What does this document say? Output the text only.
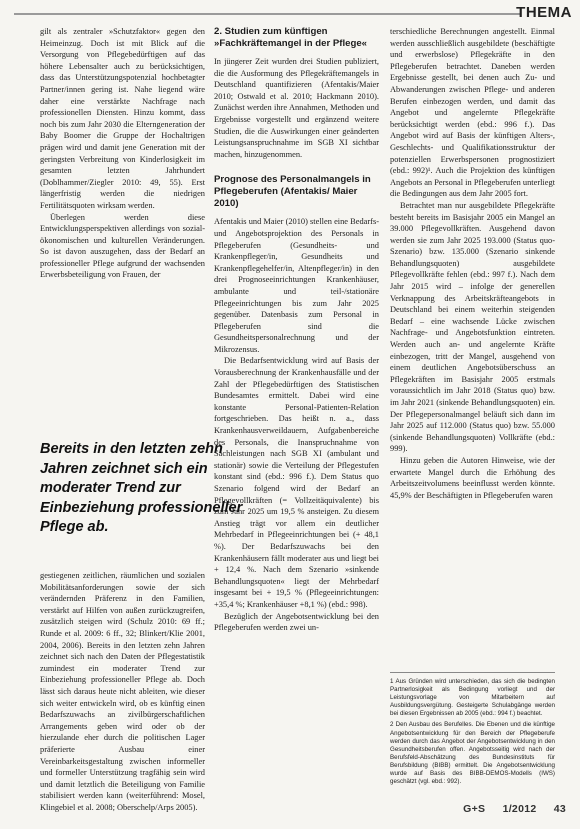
THEMA

gilt als zentraler »Schutzfaktor« gegen den Heimeinzug. Doch ist mit Blick auf die Versorgung von Pflegebedürftigen auf das höhere Lebensalter auch zu berücksichtigen, dass das Unterstützungspotenzial hochbetagter Partner/innen gering ist. Nahe liegend wäre daher eine verstärkte Nachfrage nach professionellen Diensten. Hinzu kommt, dass noch bis zum Jahr 2030 die Elterngeneration der Baby Boomer die Gruppe der Hochaltrigen prägen wird und damit jene Generation mit der geringsten Verbreitung von Kinderlosigkeit im gesamten letzten Jahrhundert (Doblhammer/Ziegler 2010: 49, 55). Erst längerfristig werden die niedrigen Fertilitätsquoten wirksam werden.

Überlegen werden diese Entwicklungsperspektiven allerdings von sozial-ökonomischen und kulturellen Veränderungen. So ist davon auszugehen, dass der Bedarf an professioneller Pflege aufgrund der wachsenden Erwerbsbeteiligung von Frauen, der

Bereits in den letzten zehn Jahren zeichnet sich ein moderater Trend zur Einbeziehung professioneller Pflege ab.

gestiegenen zeitlichen, räumlichen und sozialen Mobilitätsanforderungen sowie der sich verändernden Präferenz in den Familien, verstärkt auf Hilfen von außen zurückzugreifen, zusätzlich steigen wird (Schulz 2010: 69 ff.; Runde et al. 2009: 6 ff., 32; Blinkert/Klie 2001, 2004, 2006). Bereits in den letzten zehn Jahren zeichnet sich nach den Daten der Pflegestatistik zumindest ein moderater Trend zur Einbeziehung professioneller Pflege ab. Doch lässt sich daraus heute nicht ableiten, wie dieser sich weiter entwickeln wird, ob es künftig einen Bedarfszuwachs an zivilbürgerschaftlichen Arrangements geben wird oder ob der hierzulande eher durch die politischen Lager präferierte Ausbau einer Vereinbarkeitsgestaltung zwischen informeller und formeller Unterstützung tragfähig sein wird und damit letztlich die Beteiligung von Familie stabilisiert werden kann (weiterführend: Mosel, Klingebiel et al. 2008; Oberschelp/Arps 2005).

2. Studien zum künftigen »Fachkräftemangel in der Pflege«

In jüngerer Zeit wurden drei Studien publiziert, die die Ausformung des Pflegekräftemangels in Deutschland quantifizieren (Afentakis/Maier 2010; Ostwald et al. 2010; Hackmann 2010). Zunächst werden ihre Annahmen, Methoden und Ergebnisse vorgestellt und ergänzend weitere Studien, die die Auswirkungen einer geänderten Leistungsanspruchnahme im SGB XI sichtbar machen, hinzugenommen.

Prognose des Personalmangels in Pflegeberufen (Afentakis/ Maier 2010)

Afentakis und Maier (2010) stellen eine Bedarfs- und Angebotsprojektion des Personals in Pflegeberufen (Gesundheits- und Krankenpfleger/in, Gesundheits und Krankenpflegehelfer/in, Altenpfleger/in) in den drei Prognoseeinrichtungen Krankenhäuser, ambulante und teil-/stationäre Pflegeeinrichtungen bis zum Jahr 2025 gegenüber. Datenbasis zum Personal in Pflegeberufen sind die Gesundheitspersonalrechnung und der Mikrozensus.

Die Bedarfsentwicklung wird auf Basis der Vorausberechnung der Krankenhausfälle und der Zahl der Pflegebedürftigen des Statistischen Bundesamtes ermittelt. Dabei wird eine konstante Personal-Patienten-Relation fortgeschrieben. Das heißt n. a., dass Krankenhausverweildauern, Aufgabenbereiche des Personals, die Inanspruchnahme von Sachleistungen nach SGB XI (ambulant und stationär) sowie die Verteilung der Pflegestufen konstant sind (ebd.: 996 f.). Dem Status quo Szenario folgend wird der Bedarf an Pflegevollkräften (= Vollzeitäquivalente) bis zum Jahr 2025 um 19,5 % ansteigen. Zu diesem Anstieg trägt vor allem ein deutlicher Mehrbedarf in Pflegeeinrichtungen bei (+ 48,1 %). Der Bedarfszuwachs bei den Krankenhäusern fällt moderater aus und liegt bei + 12,4 %. Nach dem Szenario »sinkende Behandlungsquoten« liegt der Mehrbedarf insgesamt bei + 19,5 % (Pflegeeinrichtungen: +35,4 %; Krankenhäuser +8,1 %) (ebd.: 998).

Bezüglich der Angebotsentwicklung bei den Pflegeberufen werden zwei un-

terschiedliche Berechnungen angestellt. Einmal werden ausschließlich ausgebildete (beschäftigte und erwerbslose) Pflegekräfte in den Pflegeberufen betrachtet. Daneben werden Ergebnisse gestellt, bei denen auch Zu- und Abwanderungen zwischen Pflege- und anderen Berufen einbezogen werden, und damit das Angebot und angelernte Pflegekräfte berücksichtigt werden (ebd.: 996 f.). Das Angebot wird auf Basis der künftigen Alters-, Geschlechts- und Qualifikationsstruktur der potenziellen Erwerbspersonen prognostiziert (ebd.: 992)¹. Auch die Projektion des künftigen Angebots an Personal in Pflegeberufen unterliegt die Bedingungen aus dem Jahr 2005 fort.

Betrachtet man nur ausgebildete Pflegekräfte besteht bereits im Basisjahr 2005 ein Mangel an 39.000 Pflegevollkräften. Ausgehend davon werden sie zum Jahr 2025 193.000 (Status quo-Szenario) bzw. 135.000 (Szenario sinkende Behandlungsquoten) ausgebildete Pflegevollkräfte fehlen (ebd.: 997 f.). Nach dem Jahr 2015 wird – infolge der generellen Verknappung des Arbeitskräfteangebots in Deutschland bei einem weiterhin steigenden Bedarf – eine wachsende Lücke zwischen Nachfrage- und Angebotsfunktion eintreten. Werden auch an- und angelernte Kräfte einbezogen, tritt der Mangel, ausgehend von einem deutlichen Angebotsüberschuss an Pflegekräften im Basisjahr 2005 erstmals voraussichtlich im Jahr 2018 (Status quo) bzw. im Jahr 2021 (sinkende Behandlungsquoten) ein. Der Pflegepersonalmangel beläuft sich dann im Jahr 2025 auf 112.000 (Status quo) bzw. 55.000 (sinkende Behandlungsquoten) Vollkräfte (ebd.: 999).

Hinzu geben die Autoren Hinweise, wie der erwartete Mangel durch die Erhöhung des Arbeitszeitvolumens beeinflusst werden könnte. 45,9% der Beschäftigten in Pflegeberufen waren

1 Aus Gründen wird unterschieden, das sich die bedingten Partnerlosigkeit als Bedingung vorliegt und der Leistungsvorlage von Mitarbeitern auf Ausbildungsvergütung. Gesteigerte Schulabgänge werden bei diesen Ergebnissen ab 2005 (ebd.: 994 f.) beachtet.

2 Den Ausbau des Berufelles. Die Ebenen und die künftige Angebotsentwicklung für den Bereich der Pflegeberufe werden durch das Angebot der Angebotsentwicklung in den Gesundheitsberufen offen. Angebotsseitig wird nach der Berufsfeld-Abschätzung des Bundesinstituts für Berufsbildung (BIBB) ermittelt. Die Angebotsentwicklung wurde auf Basis des BIBB-DEMOS-Modells (IWS) geschätzt (vgl. ebd.: 992).

G+S 1/2012 43
